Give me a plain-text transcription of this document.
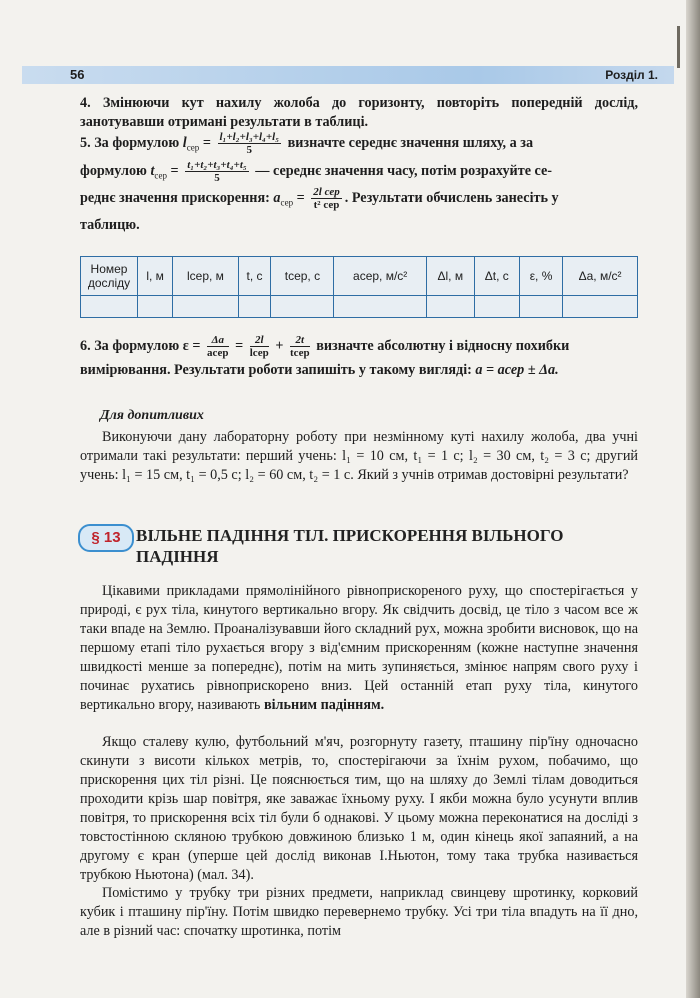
56	Розділ 1.
4. Змінюючи кут нахилу жолоба до горизонту, повторіть попередній дослід, занотувавши отримані результати в таблиці.
5. За формулою $l_{сер} = \frac{\text{l₁+l₂+l₃+l₄+l₅}}{5}$ визначте середнє значення шляху, а за
формулою $t_{сер} = \frac{\text{t₁+t₂+t₃+t₄+t₅}}{5}$ — середнє значення часу, потім розрахуйте се-
реднє значення прискорення: $a_{сер} = \frac{\text{2l сер}}{\text{t² сер}}$ . Результати обчислень занесіть у
таблицю.
Номер досліду	l, м	lсер, м	t, с	tсер, с	aсер, м/с²	Δl, м	Δt, с	ε, %	Δa, м/с²

6. За формулою $\varepsilon = \frac{\Delta a}{\text{aсер}} = \frac{2l}{\text{lсер}} + \frac{2t}{\text{tсер}}$ визначте абсолютну і відносну похибки
вимірювання. Результати роботи запишіть у такому вигляді: a = aсер ± Δa.
Для допитливих
Виконуючи дану лабораторну роботу при незмінному куті нахилу жолоба, два учні отримали такі результати: перший учень: l₁ = 10 см, t₁ = 1 с; l₂ = 30 см, t₂ = 3 с; другий учень: l₁ = 15 см, t₁ = 0,5 с; l₂ = 60 см, t₂ = 1 с. Який з учнів отримав достовірні результати?
§ 13 ВІЛЬНЕ ПАДІННЯ ТІЛ. ПРИСКОРЕННЯ ВІЛЬНОГО ПАДІННЯ
Цікавими прикладами прямолінійного рівноприскореного руху, що спостерігається у природі, є рух тіла, кинутого вертикально вгору. Як свідчить досвід, це тіло з часом все ж таки впаде на Землю. Проаналізувавши його складний рух, можна зробити висновок, що на першому етапі тіло рухається вгору з від'ємним прискоренням (кожне наступне значення швидкості менше за попереднє), потім на мить зупиняється, змінює напрям свого руху і починає рухатись рівноприскорено вниз. Цей останній етап руху тіла, кинутого вертикально вгору, називають вільним падінням.
Якщо сталеву кулю, футбольний м'яч, розгорнуту газету, пташину пір'їну одночасно скинути з висоти кількох метрів, то, спостерігаючи за їхнім рухом, побачимо, що прискорення цих тіл різні. Це пояснюється тим, що на шляху до Землі тілам доводиться проходити крізь шар повітря, яке заважає їхньому руху. І якби можна було усунути вплив повітря, то прискорення всіх тіл були б однакові. У цьому можна переконатися на досліді з товстостінною скляною трубкою довжиною близько 1 м, один кінець якої запаяний, а на другому є кран (уперше цей дослід виконав І.Ньютон, тому така трубка називається трубкою Ньютона) (мал. 34).
Помістимо у трубку три різних предмети, наприклад свинцеву шротинку, корковий кубик і пташину пір'їну. Потім швидко перевернемо трубку. Усі три тіла впадуть на її дно, але в різний час: спочатку шротинка, потім
